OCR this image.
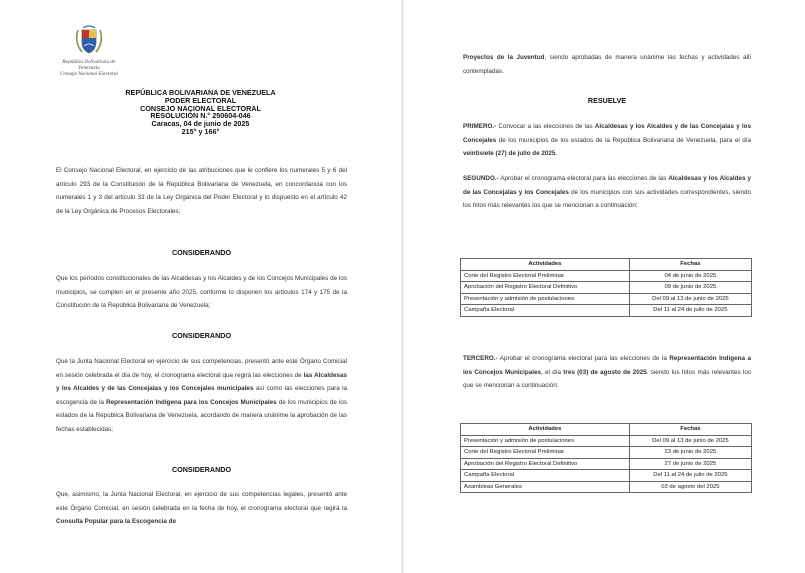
República Bolivariana de Venezuela
Consejo Nacional Electoral
REPÚBLICA BOLIVARIANA DE VENEZUELA
PODER ELECTORAL
CONSEJO NACIONAL ELECTORAL
RESOLUCIÓN N.° 250604-046
Caracas, 04 de junio de 2025
215° y 166°

El Consejo Nacional Electoral, en ejercicio de las atribuciones que le confiere los numerales 5 y 6 del artículo 293 de la Constitución de la República Bolivariana de Venezuela, en concordancia con los numerales 1 y 3 del artículo 33 de la Ley Orgánica del Poder Electoral y lo dispuesto en el artículo 42 de la Ley Orgánica de Procesos Electorales;

CONSIDERANDO

Que los períodos constitucionales de las Alcaldesas y los Alcaldes y de los Concejos Municipales de los municipios, se cumplen en el presente año 2025, conforme lo disponen los artículos 174 y 175 de la Constitución de la República Bolivariana de Venezuela;

CONSIDERANDO

Que la Junta Nacional Electoral en ejercicio de sus competencias, presentó ante este Órgano Comicial en sesión celebrada el día de hoy, el cronograma electoral que regirá las elecciones de las Alcaldesas y los Alcaldes y de las Concejalas y los Concejales municipales así como las elecciones para la escogencia de la Representación Indígena para los Concejos Municipales de los municipios de los estados de la República Bolivariana de Venezuela, acordando de manera unánime la aprobación de las fechas establecidas;

CONSIDERANDO

Que, asimismo, la Junta Nacional Electoral, en ejercicio de sus competencias legales, presentó ante este Órgano Comicial, en sesión celebrada en la fecha de hoy, el cronograma electoral que regirá la Consulta Popular para la Escogencia de

Proyectos de la Juventud, siendo aprobadas de manera unánime las fechas y actividades allí contempladas.

RESUELVE

PRIMERO.- Convocar a las elecciones de las Alcaldesas y los Alcaldes y de las Concejalas y los Concejales de los municipios de los estados de la República Bolivariana de Venezuela, para el día veintisiete (27) de julio de 2025.

SEGUNDO.- Aprobar el cronograma electoral para las elecciones de las Alcaldesas y los Alcaldes y de las Concejalas y los Concejales de los municipios con sus actividades correspondientes, siendo los hitos más relevantes los que se mencionan a continuación:

Actividades	Fechas
Corte del Registro Electoral Preliminar	04 de junio de 2025
Aprobación del Registro Electoral Definitivo	09 de junio de 2025
Presentación y admisión de postulaciones	Del 09 al 13 de junio de 2025
Campaña Electoral	Del 11 al 24 de julio de 2025

TERCERO.- Aprobar el cronograma electoral para las elecciones de la Representación Indígena a los Concejos Municipales, el día tres (03) de agosto de 2025. siendo los hitos más relevantes los que se mencionan a continuación:

Actividades	Fechas
Presentación y admisión de postulaciones	Del 09 al 13 de junio de 2025
Corte del Registro Electoral Preliminar	23 de junio de 2025
Aprobación del Registro Electoral Definitivo	27 de junio de 2025
Campaña Electoral	Del 11 al 24 de julio de 2025
Asambleas Generales	03 de agosto del 2025
